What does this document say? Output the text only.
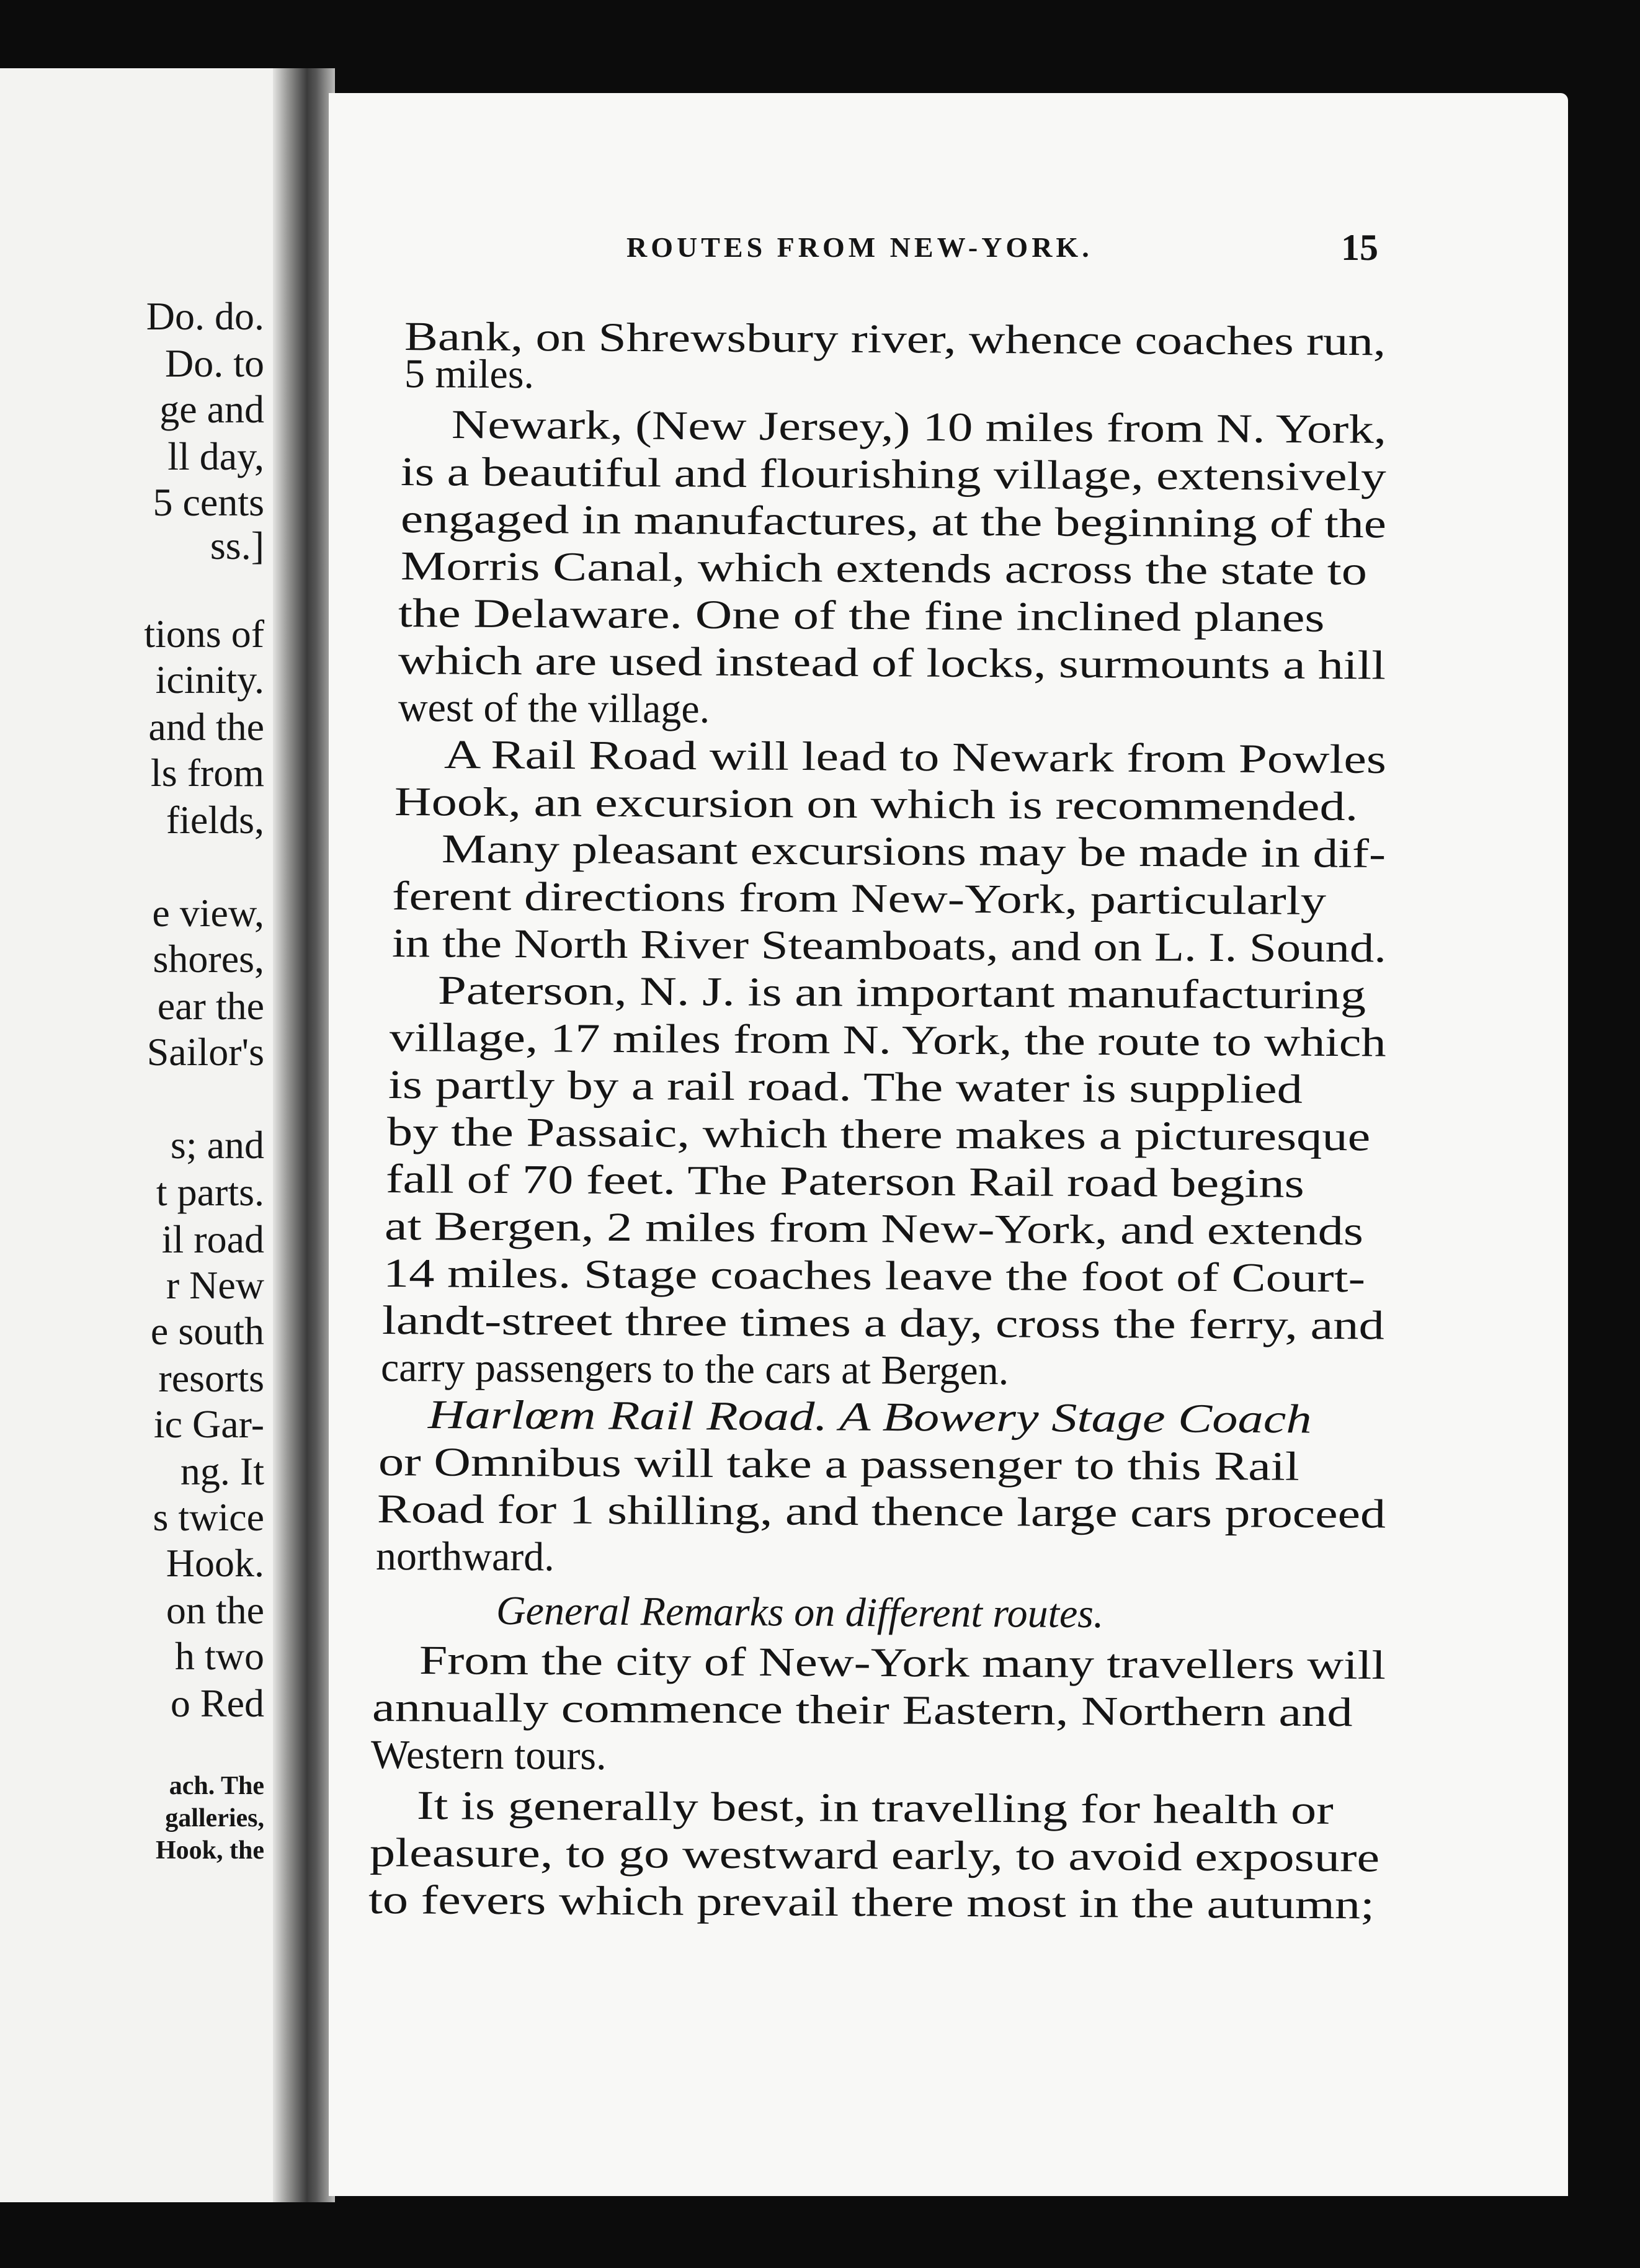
Do. do.
Do. to
ge and
ll day,
5 cents
ss.]
tions of
icinity.
and the
ls from
fields,
e view,
shores,
ear the
Sailor's
s; and
t parts.
il road
r New
e south
resorts
ic Gar-
ng. It
s twice
Hook.
on the
h two
o Red
ach. The
galleries,
Hook, the
ROUTES FROM NEW-YORK.	15
Bank, on Shrewsbury river, whence coaches run,
5 miles.
Newark, (New Jersey,) 10 miles from N. York,
is a beautiful and flourishing village, extensively
engaged in manufactures, at the beginning of the
Morris Canal, which extends across the state to
the Delaware. One of the fine inclined planes
which are used instead of locks, surmounts a hill
west of the village.
A Rail Road will lead to Newark from Powles
Hook, an excursion on which is recommended.
Many pleasant excursions may be made in dif-
ferent directions from New-York, particularly
in the North River Steamboats, and on L. I. Sound.
Paterson, N. J. is an important manufacturing
village, 17 miles from N. York, the route to which
is partly by a rail road. The water is supplied
by the Passaic, which there makes a picturesque
fall of 70 feet. The Paterson Rail road begins
at Bergen, 2 miles from New-York, and extends
14 miles. Stage coaches leave the foot of Court-
landt-street three times a day, cross the ferry, and
carry passengers to the cars at Bergen.
Harlœm Rail Road. A Bowery Stage Coach
or Omnibus will take a passenger to this Rail
Road for 1 shilling, and thence large cars proceed
northward.
General Remarks on different routes.
From the city of New-York many travellers will
annually commence their Eastern, Northern and
Western tours.
It is generally best, in travelling for health or
pleasure, to go westward early, to avoid exposure
to fevers which prevail there most in the autumn;
